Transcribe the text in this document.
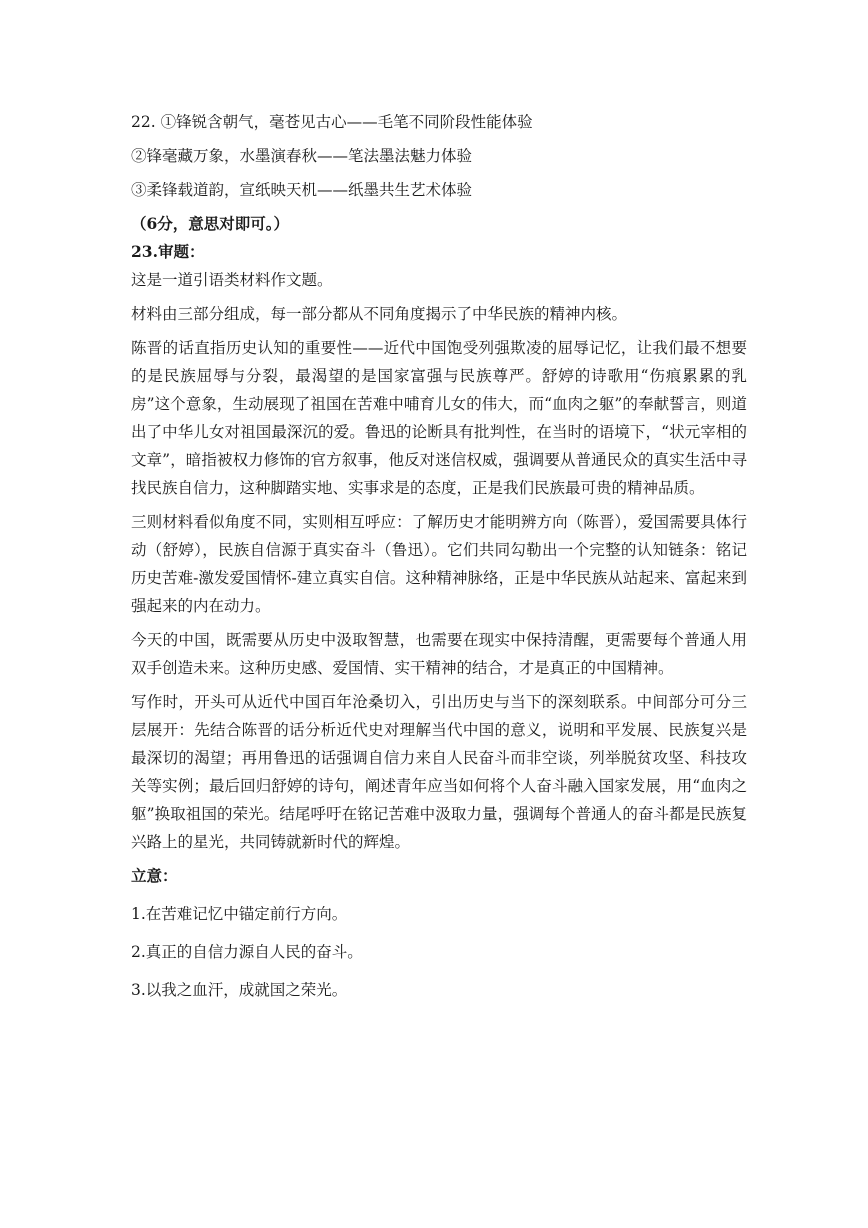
22. ①锋锐含朝气，毫苍见古心——毛笔不同阶段性能体验

②锋毫藏万象，水墨演春秋——笔法墨法魅力体验

③柔锋载道韵，宣纸映天机——纸墨共生艺术体验

（6分，意思对即可。）

23.审题：

这是一道引语类材料作文题。

材料由三部分组成，每一部分都从不同角度揭示了中华民族的精神内核。

陈晋的话直指历史认知的重要性——近代中国饱受列强欺凌的屈辱记忆，让我们最不想要的是民族屈辱与分裂，最渴望的是国家富强与民族尊严。舒婷的诗歌用“伤痕累累的乳房”这个意象，生动展现了祖国在苦难中哺育儿女的伟大，而“血肉之躯”的奉献誓言，则道出了中华儿女对祖国最深沉的爱。鲁迅的论断具有批判性，在当时的语境下，“状元宰相的文章”，暗指被权力修饰的官方叙事，他反对迷信权威，强调要从普通民众的真实生活中寻找民族自信力，这种脚踏实地、实事求是的态度，正是我们民族最可贵的精神品质。

三则材料看似角度不同，实则相互呼应：了解历史才能明辨方向（陈晋），爱国需要具体行动（舒婷），民族自信源于真实奋斗（鲁迅）。它们共同勾勒出一个完整的认知链条：铭记历史苦难-激发爱国情怀-建立真实自信。这种精神脉络，正是中华民族从站起来、富起来到强起来的内在动力。

今天的中国，既需要从历史中汲取智慧，也需要在现实中保持清醒，更需要每个普通人用双手创造未来。这种历史感、爱国情、实干精神的结合，才是真正的中国精神。

写作时，开头可从近代中国百年沧桑切入，引出历史与当下的深刻联系。中间部分可分三层展开：先结合陈晋的话分析近代史对理解当代中国的意义，说明和平发展、民族复兴是最深切的渴望；再用鲁迅的话强调自信力来自人民奋斗而非空谈，列举脱贫攻坚、科技攻关等实例；最后回归舒婷的诗句，阐述青年应当如何将个人奋斗融入国家发展，用“血肉之躯”换取祖国的荣光。结尾呼吁在铭记苦难中汲取力量，强调每个普通人的奋斗都是民族复兴路上的星光，共同铸就新时代的辉煌。

立意：

1.在苦难记忆中锚定前行方向。

2.真正的自信力源自人民的奋斗。

3.以我之血汗，成就国之荣光。
